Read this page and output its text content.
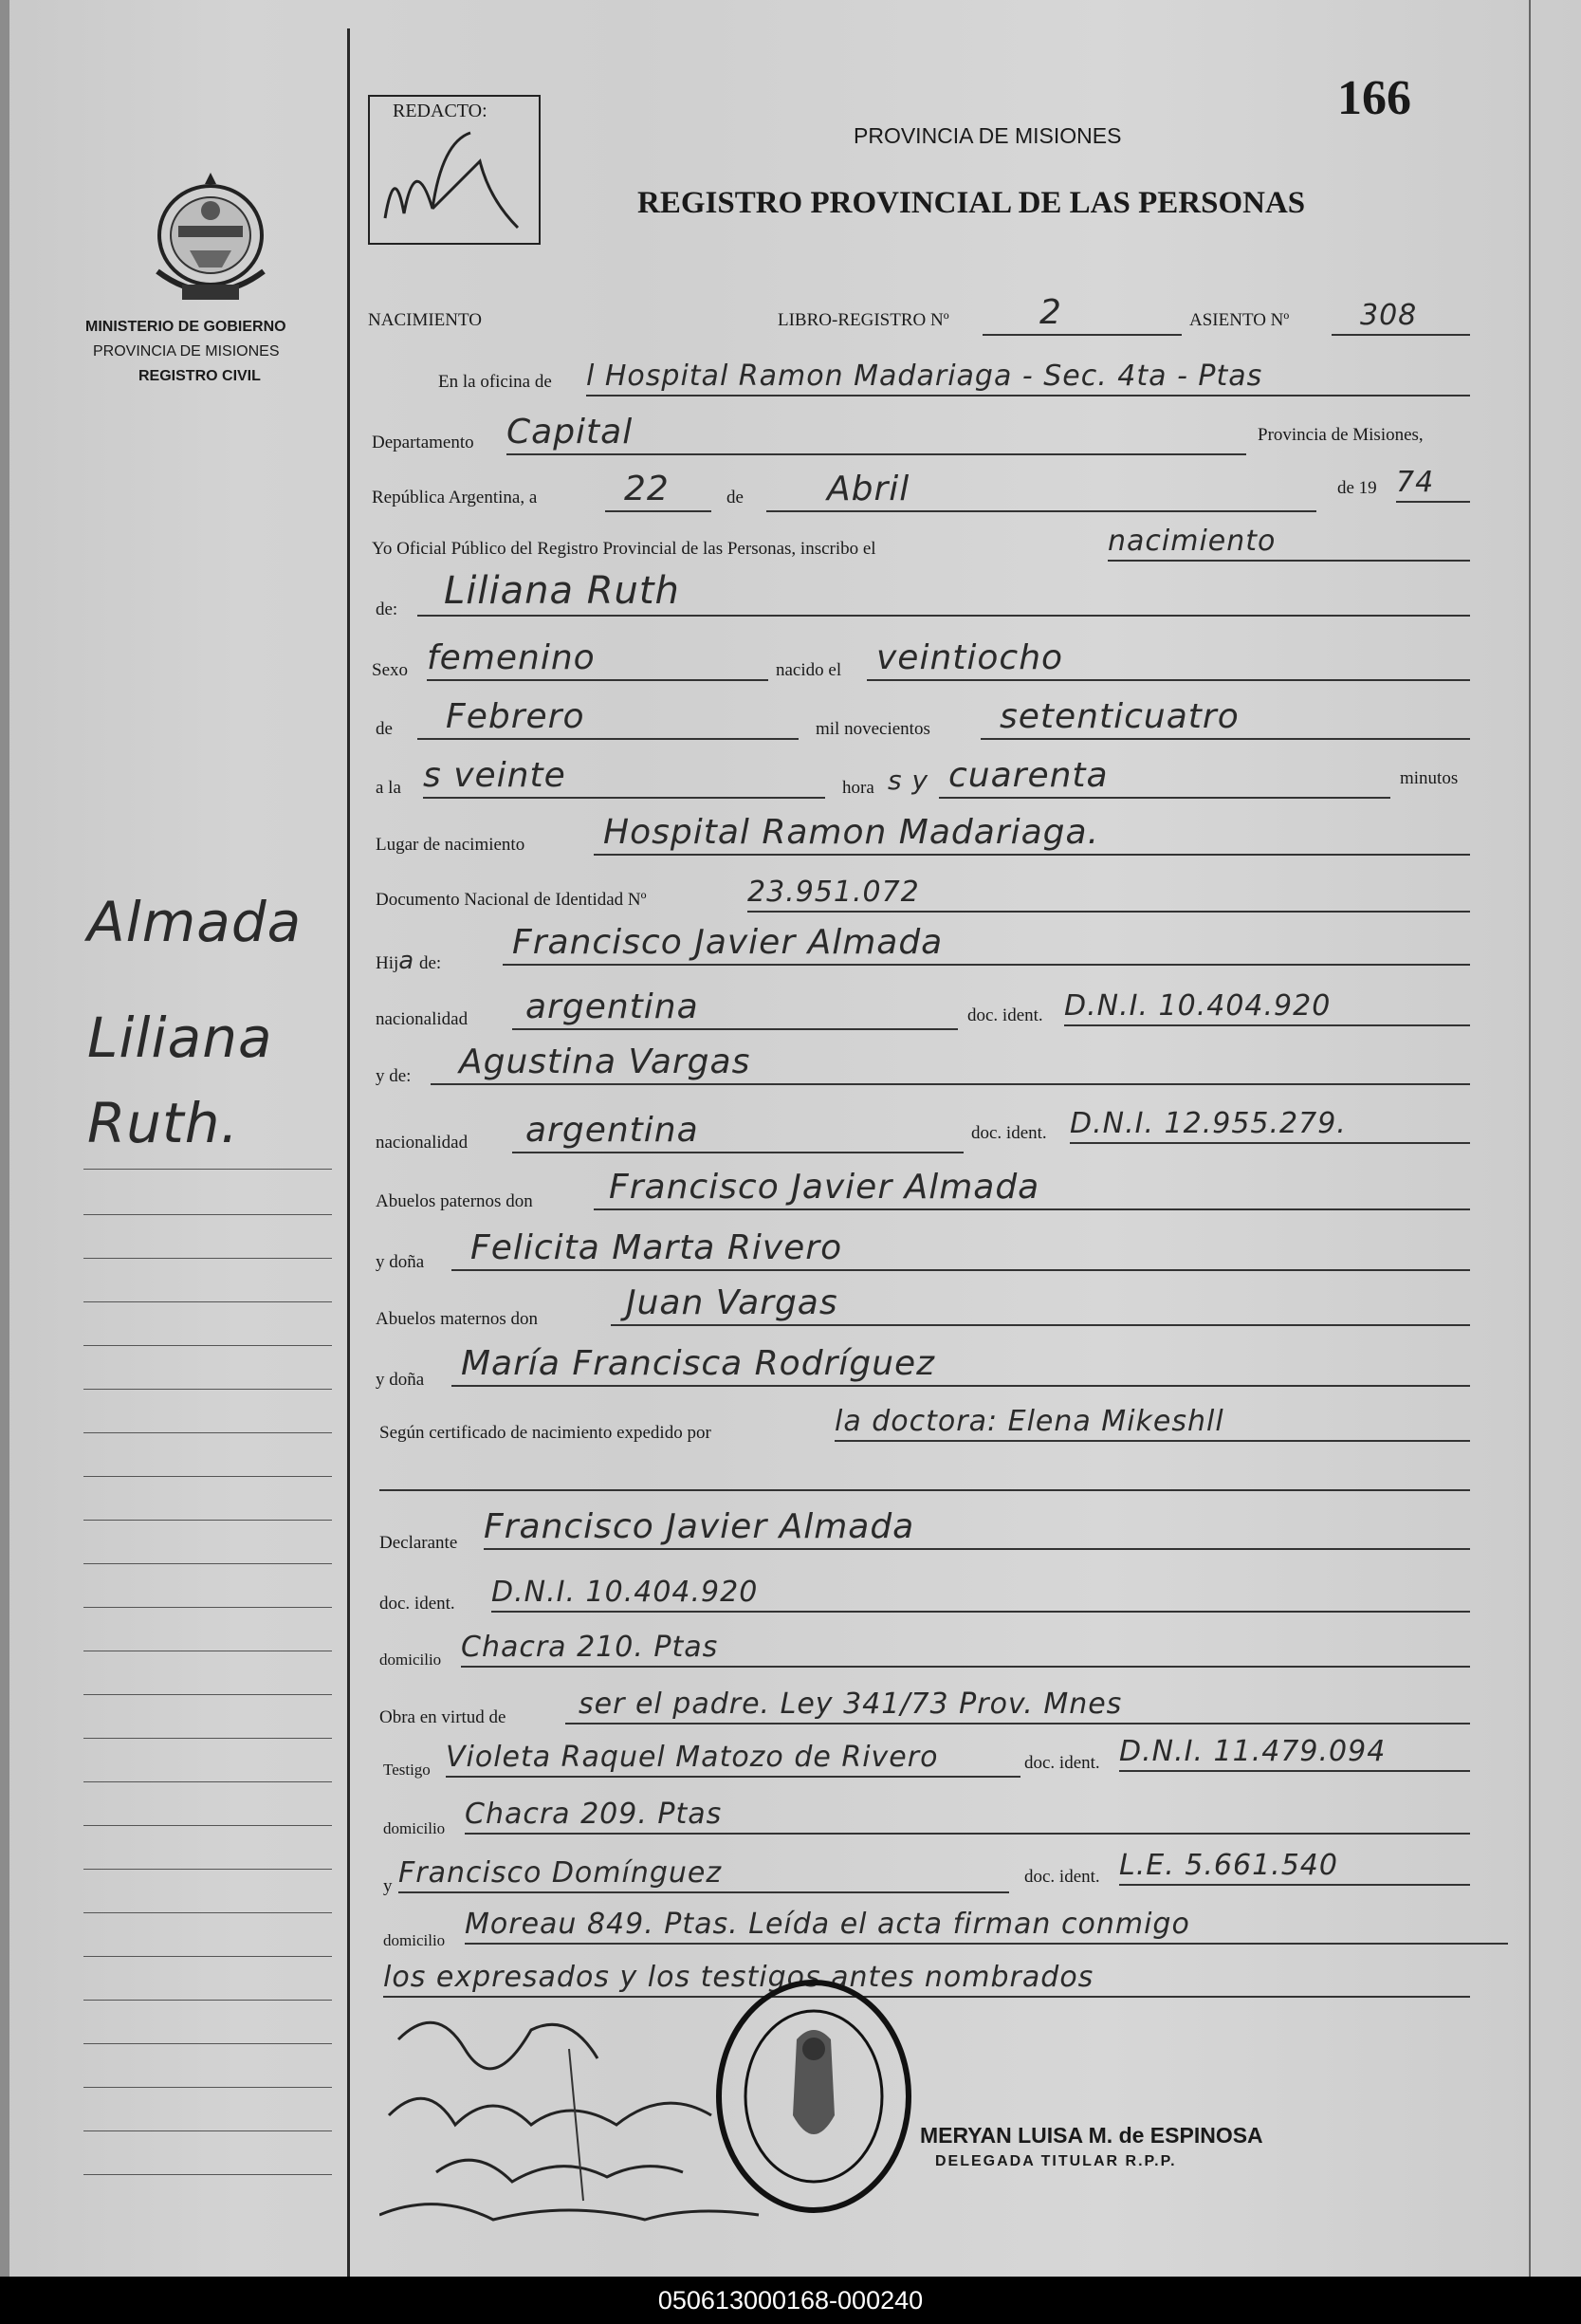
MINISTERIO DE GOBIERNO
PROVINCIA DE MISIONES
REGISTRO CIVIL
Almada
Liliana
Ruth.
REDACTO:	166
PROVINCIA DE MISIONES
REGISTRO PROVINCIAL DE LAS PERSONAS
NACIMIENTO	LIBRO-REGISTRO Nº	2	ASIENTO Nº 308
En la oficina de l Hospital Ramon Madariaga - Sec. 4ta - Ptas
Departamento Capital	Provincia de Misiones,
República Argentina, a	22	de Abril	de 19 74
Yo Oficial Público del Registro Provincial de las Personas, inscribo el	nacimiento
de: Liliana Ruth
Sexo femenino	nacido el veintiocho
de Febrero	mil novecientos setenticuatro
a la s veinte	hora s y cuarenta	minutos
Lugar de nacimiento Hospital Ramon Madariaga.
Documento Nacional de Identidad Nº	23.951.072
Hija de:
Francisco Javier Almada
nacionalidad argentina	doc. ident. D.N.I. 10.404.920
y de: Agustina Vargas
nacionalidad argentina	doc. ident. D.N.I. 12.955.279.
Abuelos paternos don Francisco Javier Almada
y doña Felicita Marta Rivero
Abuelos maternos don	Juan Vargas
y doña María Francisca Rodríguez
Según certificado de nacimiento expedido por	la doctora: Elena Mikeshll
Declarante Francisco Javier Almada
doc. ident. D.N.I. 10.404.920
domicilio Chacra 210. Ptas
Obra en virtud de	ser el padre. Ley 341/73 Prov. Mnes
Testigo Violeta Raquel Matozo de Rivero	doc. ident. D.N.I. 11.479.094
domicilio Chacra 209. Ptas
y Francisco Domínguez	doc. ident. L.E. 5.661.540
domicilio Moreau 849. Ptas. Leída el acta firman conmigo
los expresados y los testigos antes nombrados
MERYAN LUISA M. de ESPINOSA
DELEGADA TITULAR R.P.P.
050613000168-000240
